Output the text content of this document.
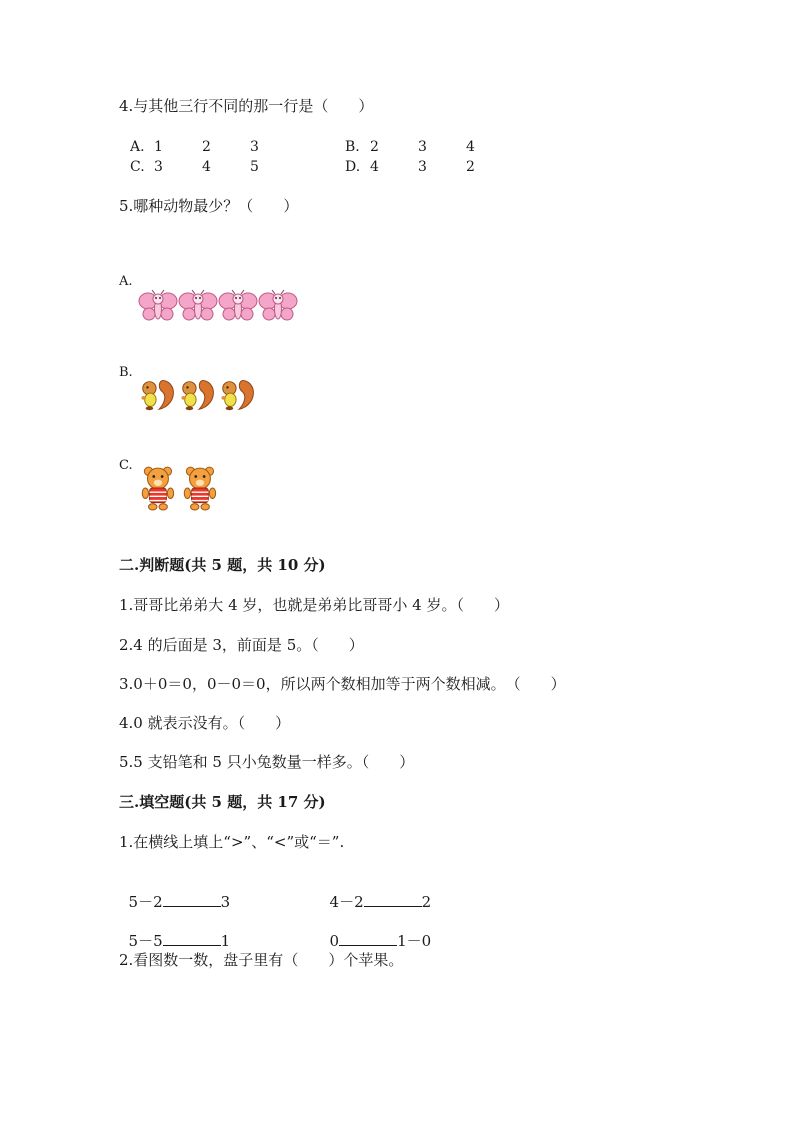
4.与其他三行不同的那一行是（　　）
A. 1	2	3	B. 2	3	4
C. 3	4	5	D. 4	3	2
5.哪种动物最少？（　　）
A.
B.
C.
二.判断题(共 5 题，共 10 分)
1.哥哥比弟弟大 4 岁，也就是弟弟比哥哥小 4 岁。（　　）
2.4 的后面是 3，前面是 5。（　　）
3.0＋0＝0，0－0＝0，所以两个数相加等于两个数相减。　（　　）
4.0 就表示没有。（　　）
5.5 支铅笔和 5 只小兔数量一样多。（　　）
三.填空题(共 5 题，共 17 分)
1.在横线上填上“>”、“<”或“＝”.

5－2	3	4－2	2

5－5	1	0	1－0

2.看图数一数，盘子里有（　　）个苹果。
